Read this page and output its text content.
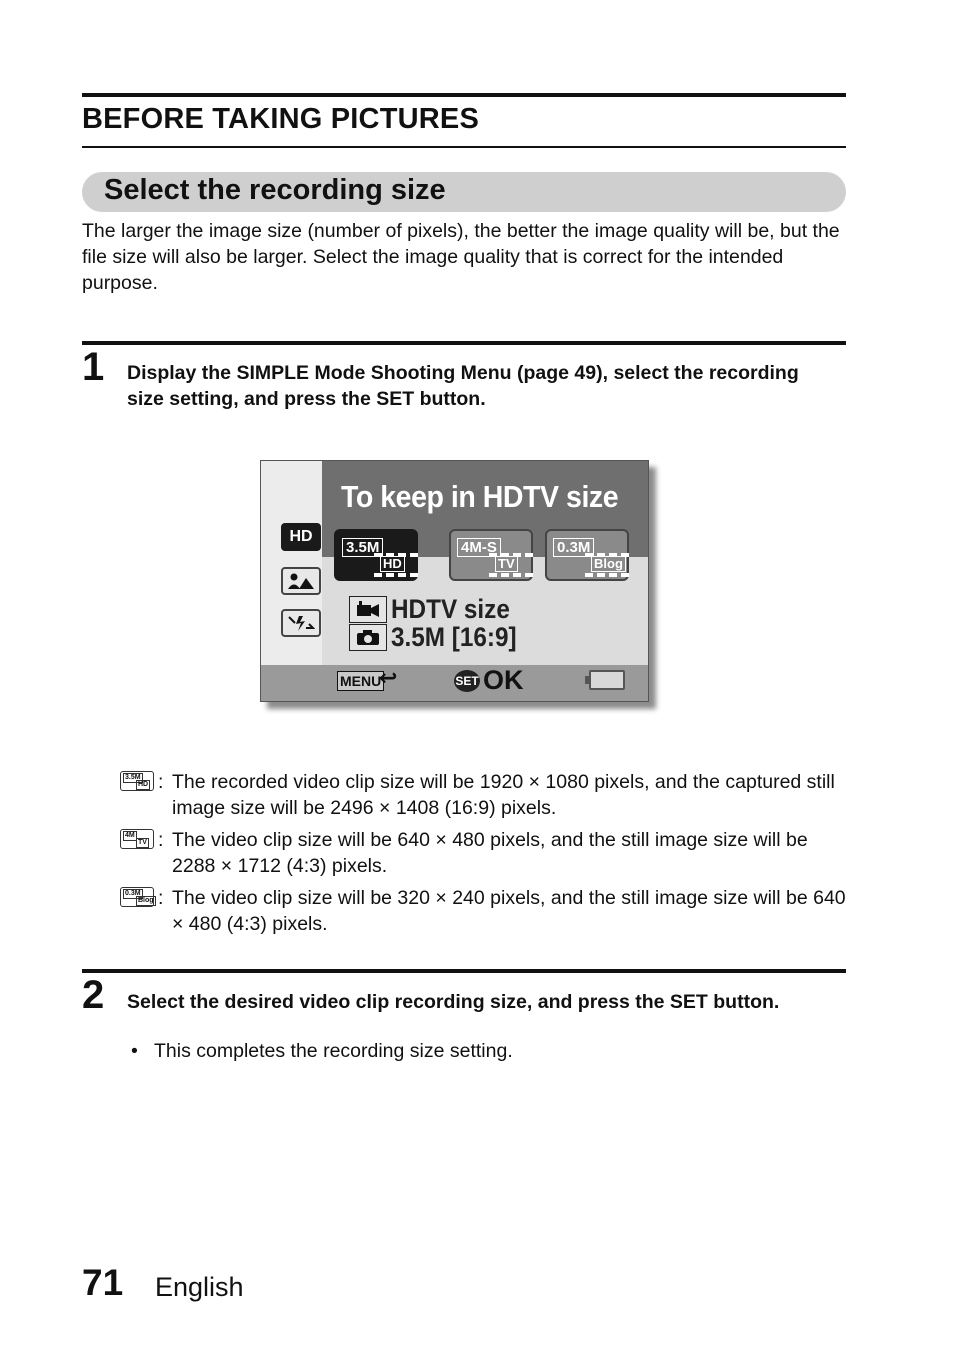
BEFORE TAKING PICTURES
Select the recording size
The larger the image size (number of pixels), the better the image quality will be, but the file size will also be larger. Select the image quality that is correct for the intended purpose.
1 Display the SIMPLE Mode Shooting Menu (page 49), select the recording size setting, and press the SET button.
To keep in HDTV size
HD
3.5M
HD
4M-S
TV
0.3M
Blog
HDTV size
3.5M [16:9]
MENU
↩	SET OK
3.5M
HD : The recorded video clip size will be 1920 × 1080 pixels, and the captured still image size will be 2496 × 1408 (16:9) pixels.
4M
TV : The video clip size will be 640 × 480 pixels, and the still image size will be 2288 × 1712 (4:3) pixels.
0.3M
Blog : The video clip size will be 320 × 240 pixels, and the still image size will be 640 × 480 (4:3) pixels.
2 Select the desired video clip recording size, and press the SET button.
• This completes the recording size setting.
71 English
